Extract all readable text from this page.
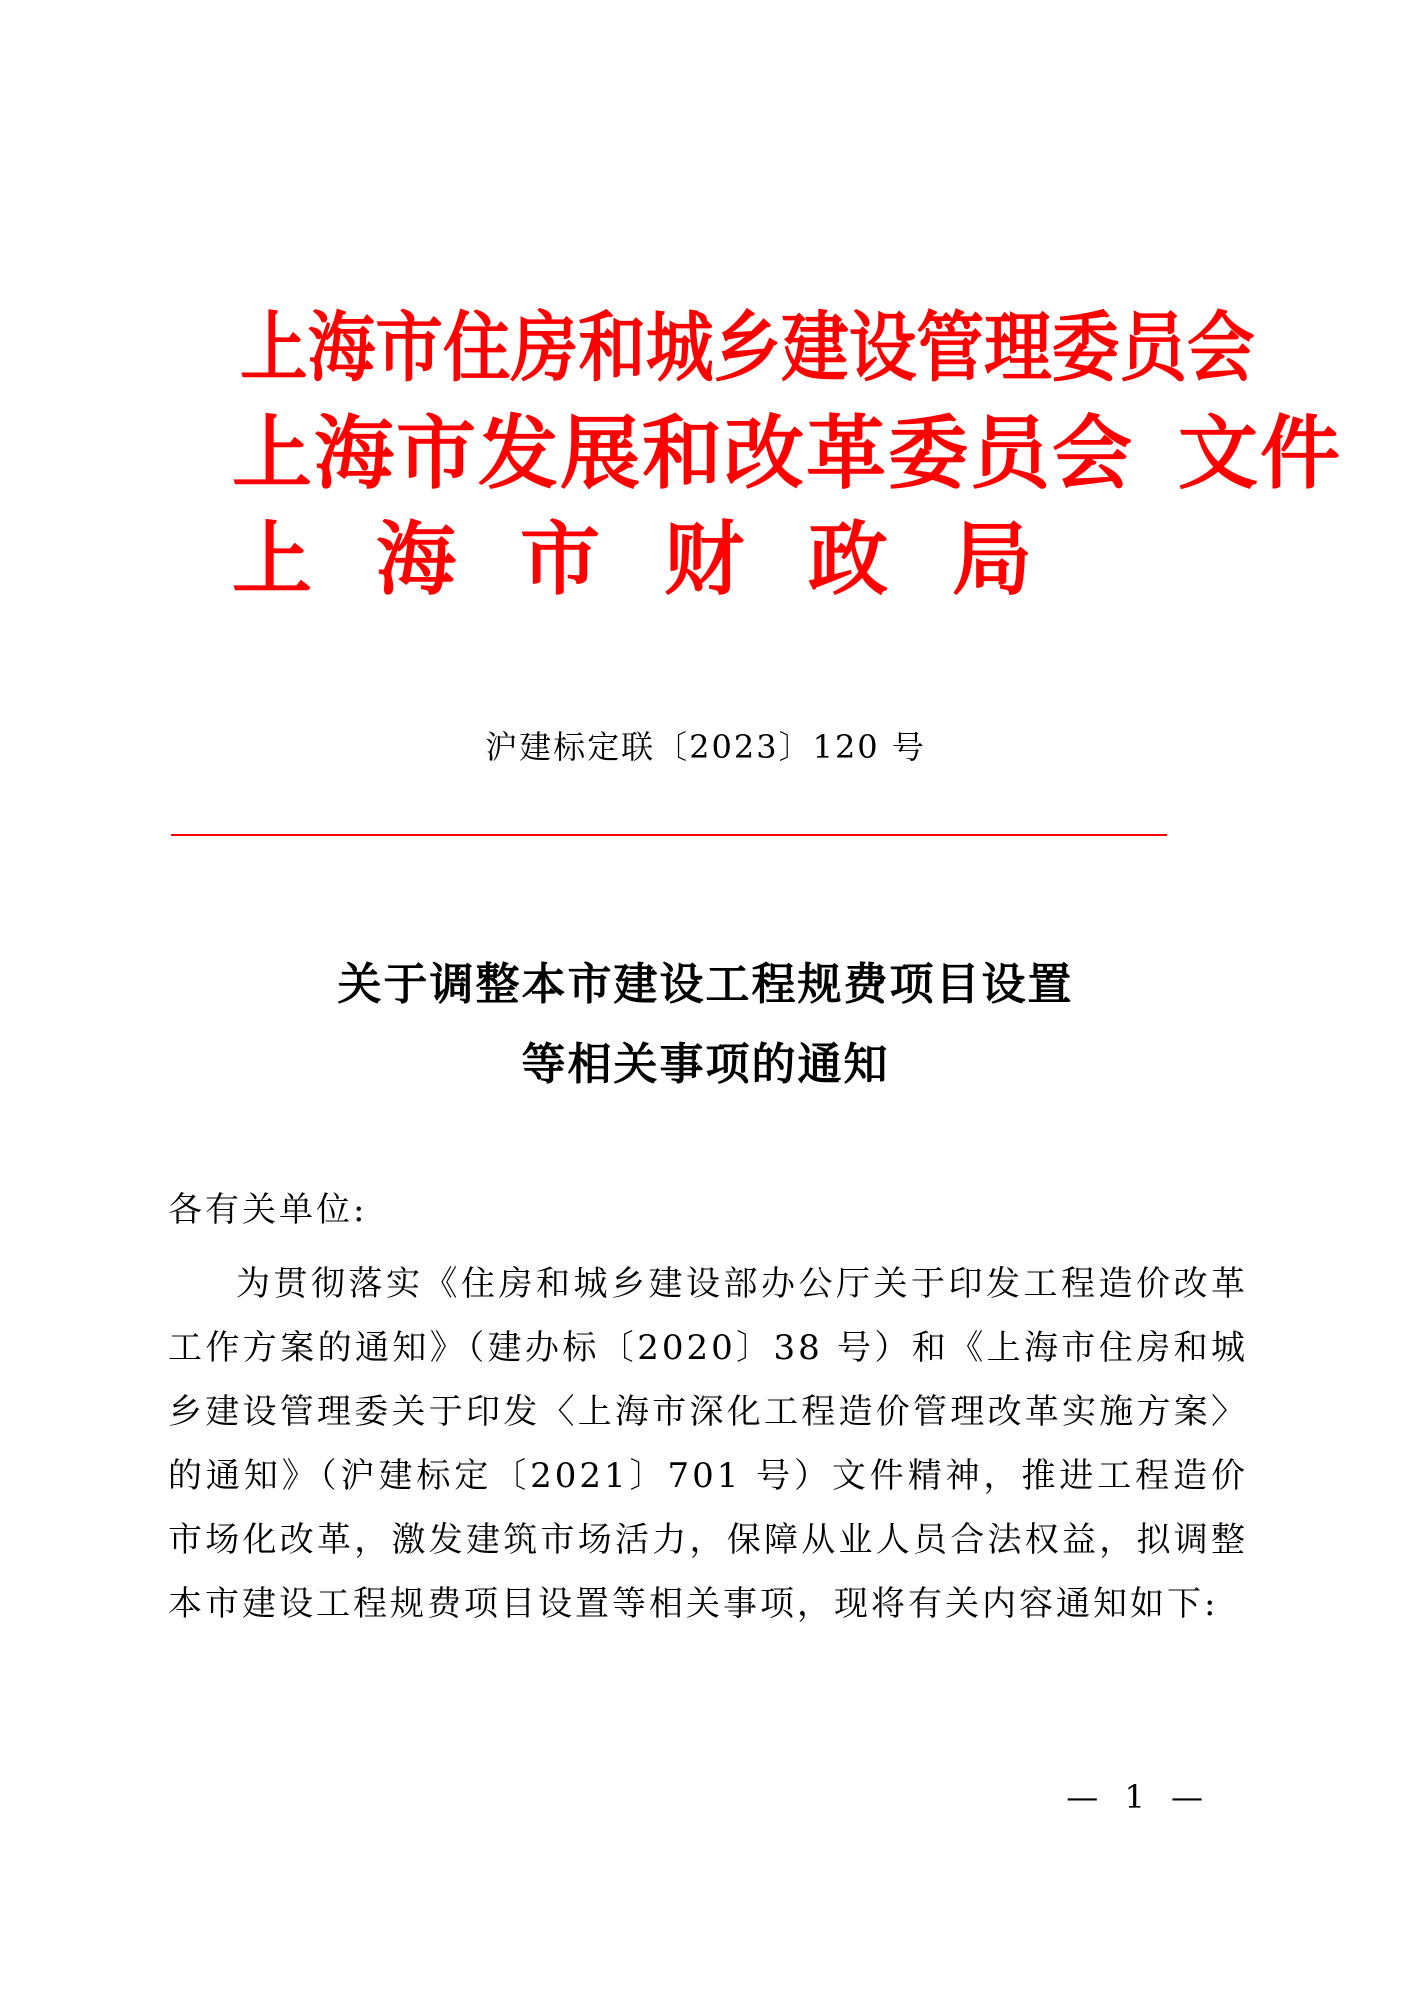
上海市住房和城乡建设管理委员会
上海市发展和改革委员会 文件
上海市财政局
沪建标定联〔2023〕120 号
关于调整本市建设工程规费项目设置
等相关事项的通知
各有关单位:
为贯彻落实《住房和城乡建设部办公厅关于印发工程造价改革工作方案的通知》（建办标〔2020〕38 号）和《上海市住房和城乡建设管理委关于印发〈上海市深化工程造价管理改革实施方案〉的通知》（沪建标定〔2021〕701 号）文件精神，推进工程造价市场化改革，激发建筑市场活力，保障从业人员合法权益，拟调整本市建设工程规费项目设置等相关事项，现将有关内容通知如下:
— 1 —
